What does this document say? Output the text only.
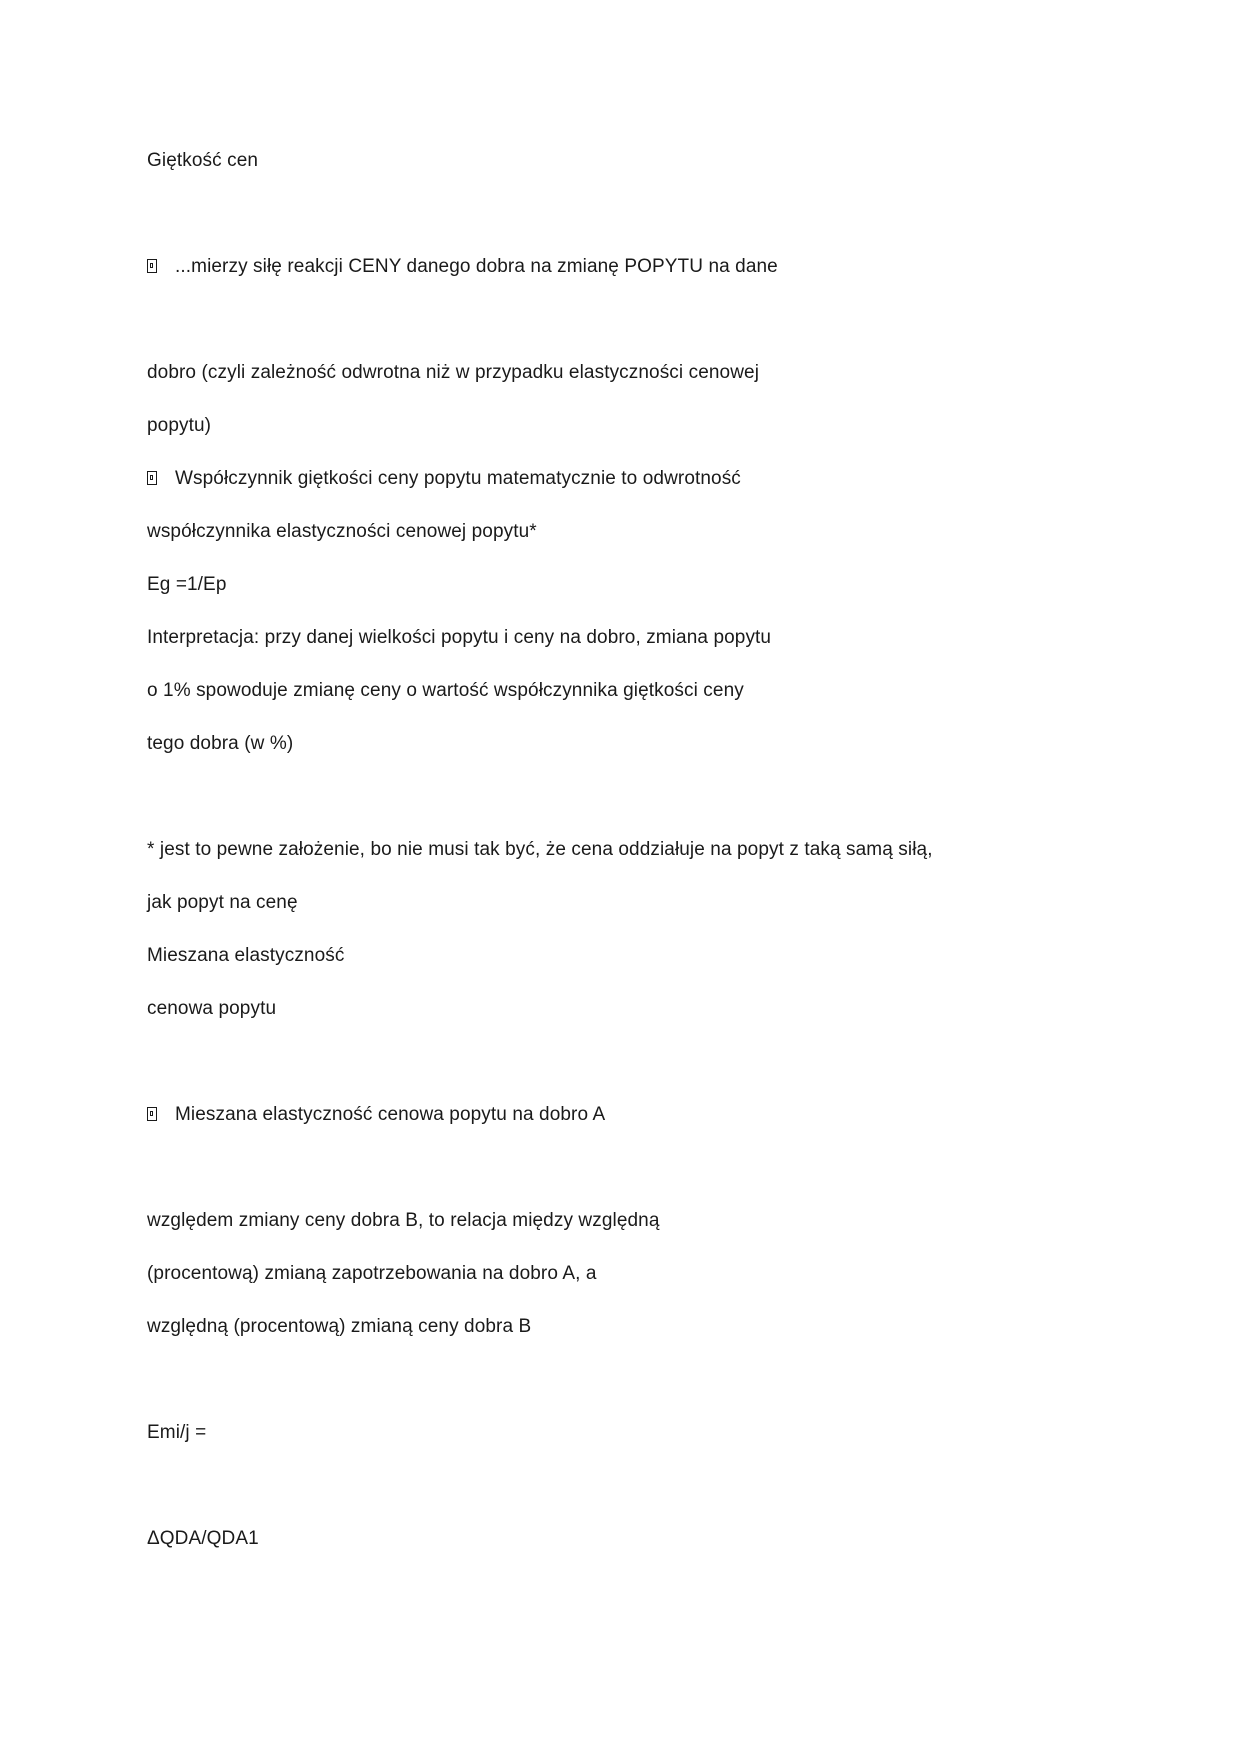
Giętkość cen
...mierzy siłę reakcji CENY danego dobra na zmianę POPYTU na dane
dobro (czyli zależność odwrotna niż w przypadku elastyczności cenowej
popytu)
Współczynnik giętkości ceny popytu matematycznie to odwrotność
współczynnika elastyczności cenowej popytu*
Eg =1/Ep
Interpretacja: przy danej wielkości popytu i ceny na dobro, zmiana popytu
o 1% spowoduje zmianę ceny o wartość współczynnika giętkości ceny
tego dobra (w %)
* jest to pewne założenie, bo nie musi tak być, że cena oddziałuje na popyt z taką samą siłą,
jak popyt na cenę
Mieszana elastyczność
cenowa popytu
Mieszana elastyczność cenowa popytu na dobro A
względem zmiany ceny dobra B, to relacja między względną
(procentową) zmianą zapotrzebowania na dobro A, a
względną (procentową) zmianą ceny dobra B
Emi/j =
ΔQDA/QDA1
